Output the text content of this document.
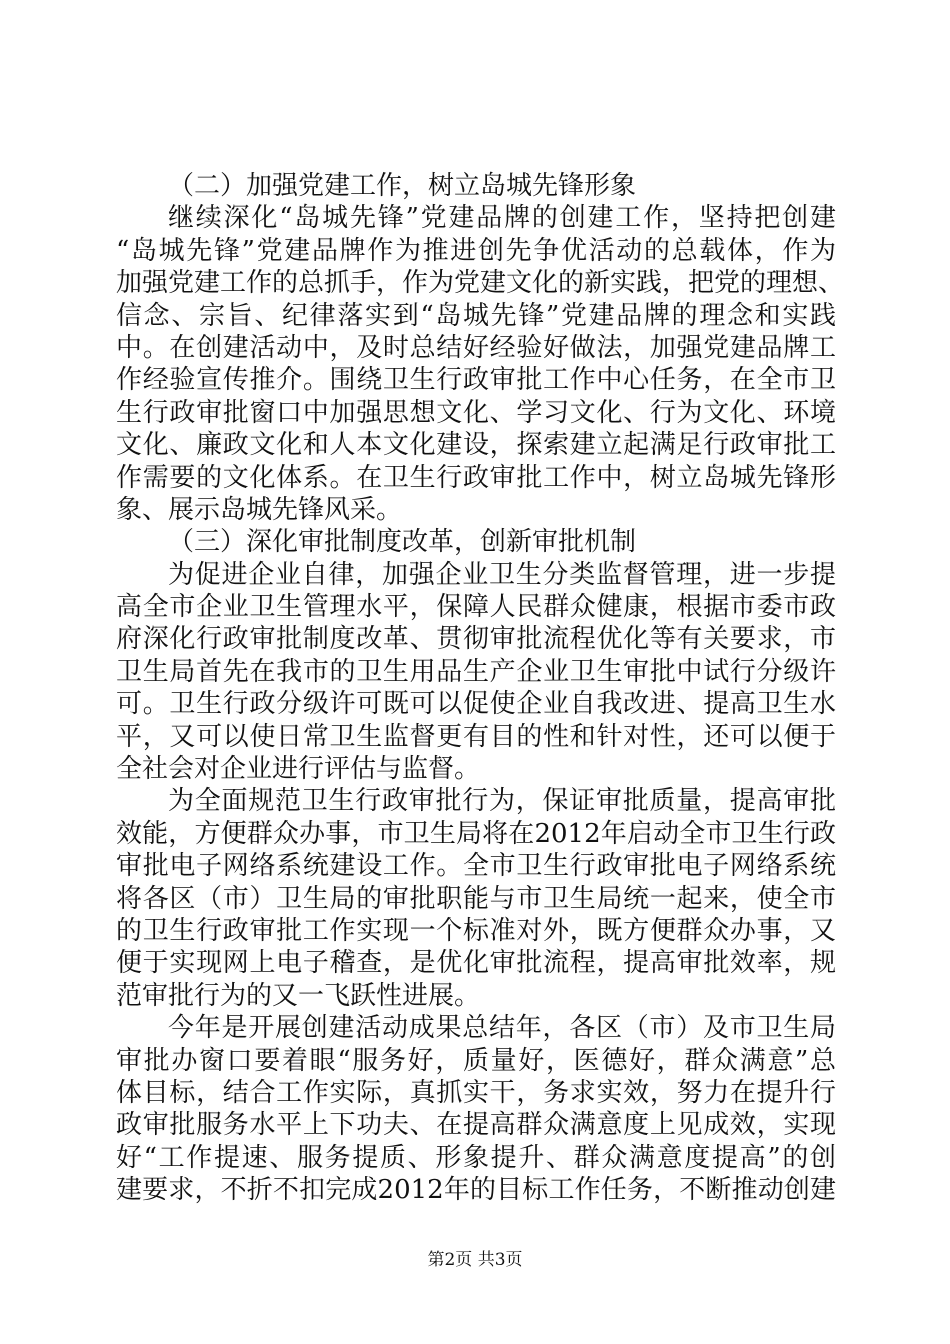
（二）加强党建工作，树立岛城先锋形象
继续深化“岛城先锋”党建品牌的创建工作，坚持把创建
“岛城先锋”党建品牌作为推进创先争优活动的总载体，作为
加强党建工作的总抓手，作为党建文化的新实践，把党的理想、
信念、宗旨、纪律落实到“岛城先锋”党建品牌的理念和实践
中。在创建活动中，及时总结好经验好做法，加强党建品牌工
作经验宣传推介。围绕卫生行政审批工作中心任务，在全市卫
生行政审批窗口中加强思想文化、学习文化、行为文化、环境
文化、廉政文化和人本文化建设，探索建立起满足行政审批工
作需要的文化体系。在卫生行政审批工作中，树立岛城先锋形
象、展示岛城先锋风采。
（三）深化审批制度改革，创新审批机制
为促进企业自律，加强企业卫生分类监督管理，进一步提
高全市企业卫生管理水平，保障人民群众健康，根据市委市政
府深化行政审批制度改革、贯彻审批流程优化等有关要求，市
卫生局首先在我市的卫生用品生产企业卫生审批中试行分级许
可。卫生行政分级许可既可以促使企业自我改进、提高卫生水
平，又可以使日常卫生监督更有目的性和针对性，还可以便于
全社会对企业进行评估与监督。
为全面规范卫生行政审批行为，保证审批质量，提高审批
效能，方便群众办事，市卫生局将在2012年启动全市卫生行政
审批电子网络系统建设工作。全市卫生行政审批电子网络系统
将各区（市）卫生局的审批职能与市卫生局统一起来，使全市
的卫生行政审批工作实现一个标准对外，既方便群众办事，又
便于实现网上电子稽查，是优化审批流程，提高审批效率，规
范审批行为的又一飞跃性进展。
今年是开展创建活动成果总结年，各区（市）及市卫生局
审批办窗口要着眼“服务好，质量好，医德好，群众满意”总
体目标，结合工作实际，真抓实干，务求实效，努力在提升行
政审批服务水平上下功夫、在提高群众满意度上见成效，实现
好“工作提速、服务提质、形象提升、群众满意度提高”的创
建要求，不折不扣完成2012年的目标工作任务，不断推动创建
第2页 共3页
